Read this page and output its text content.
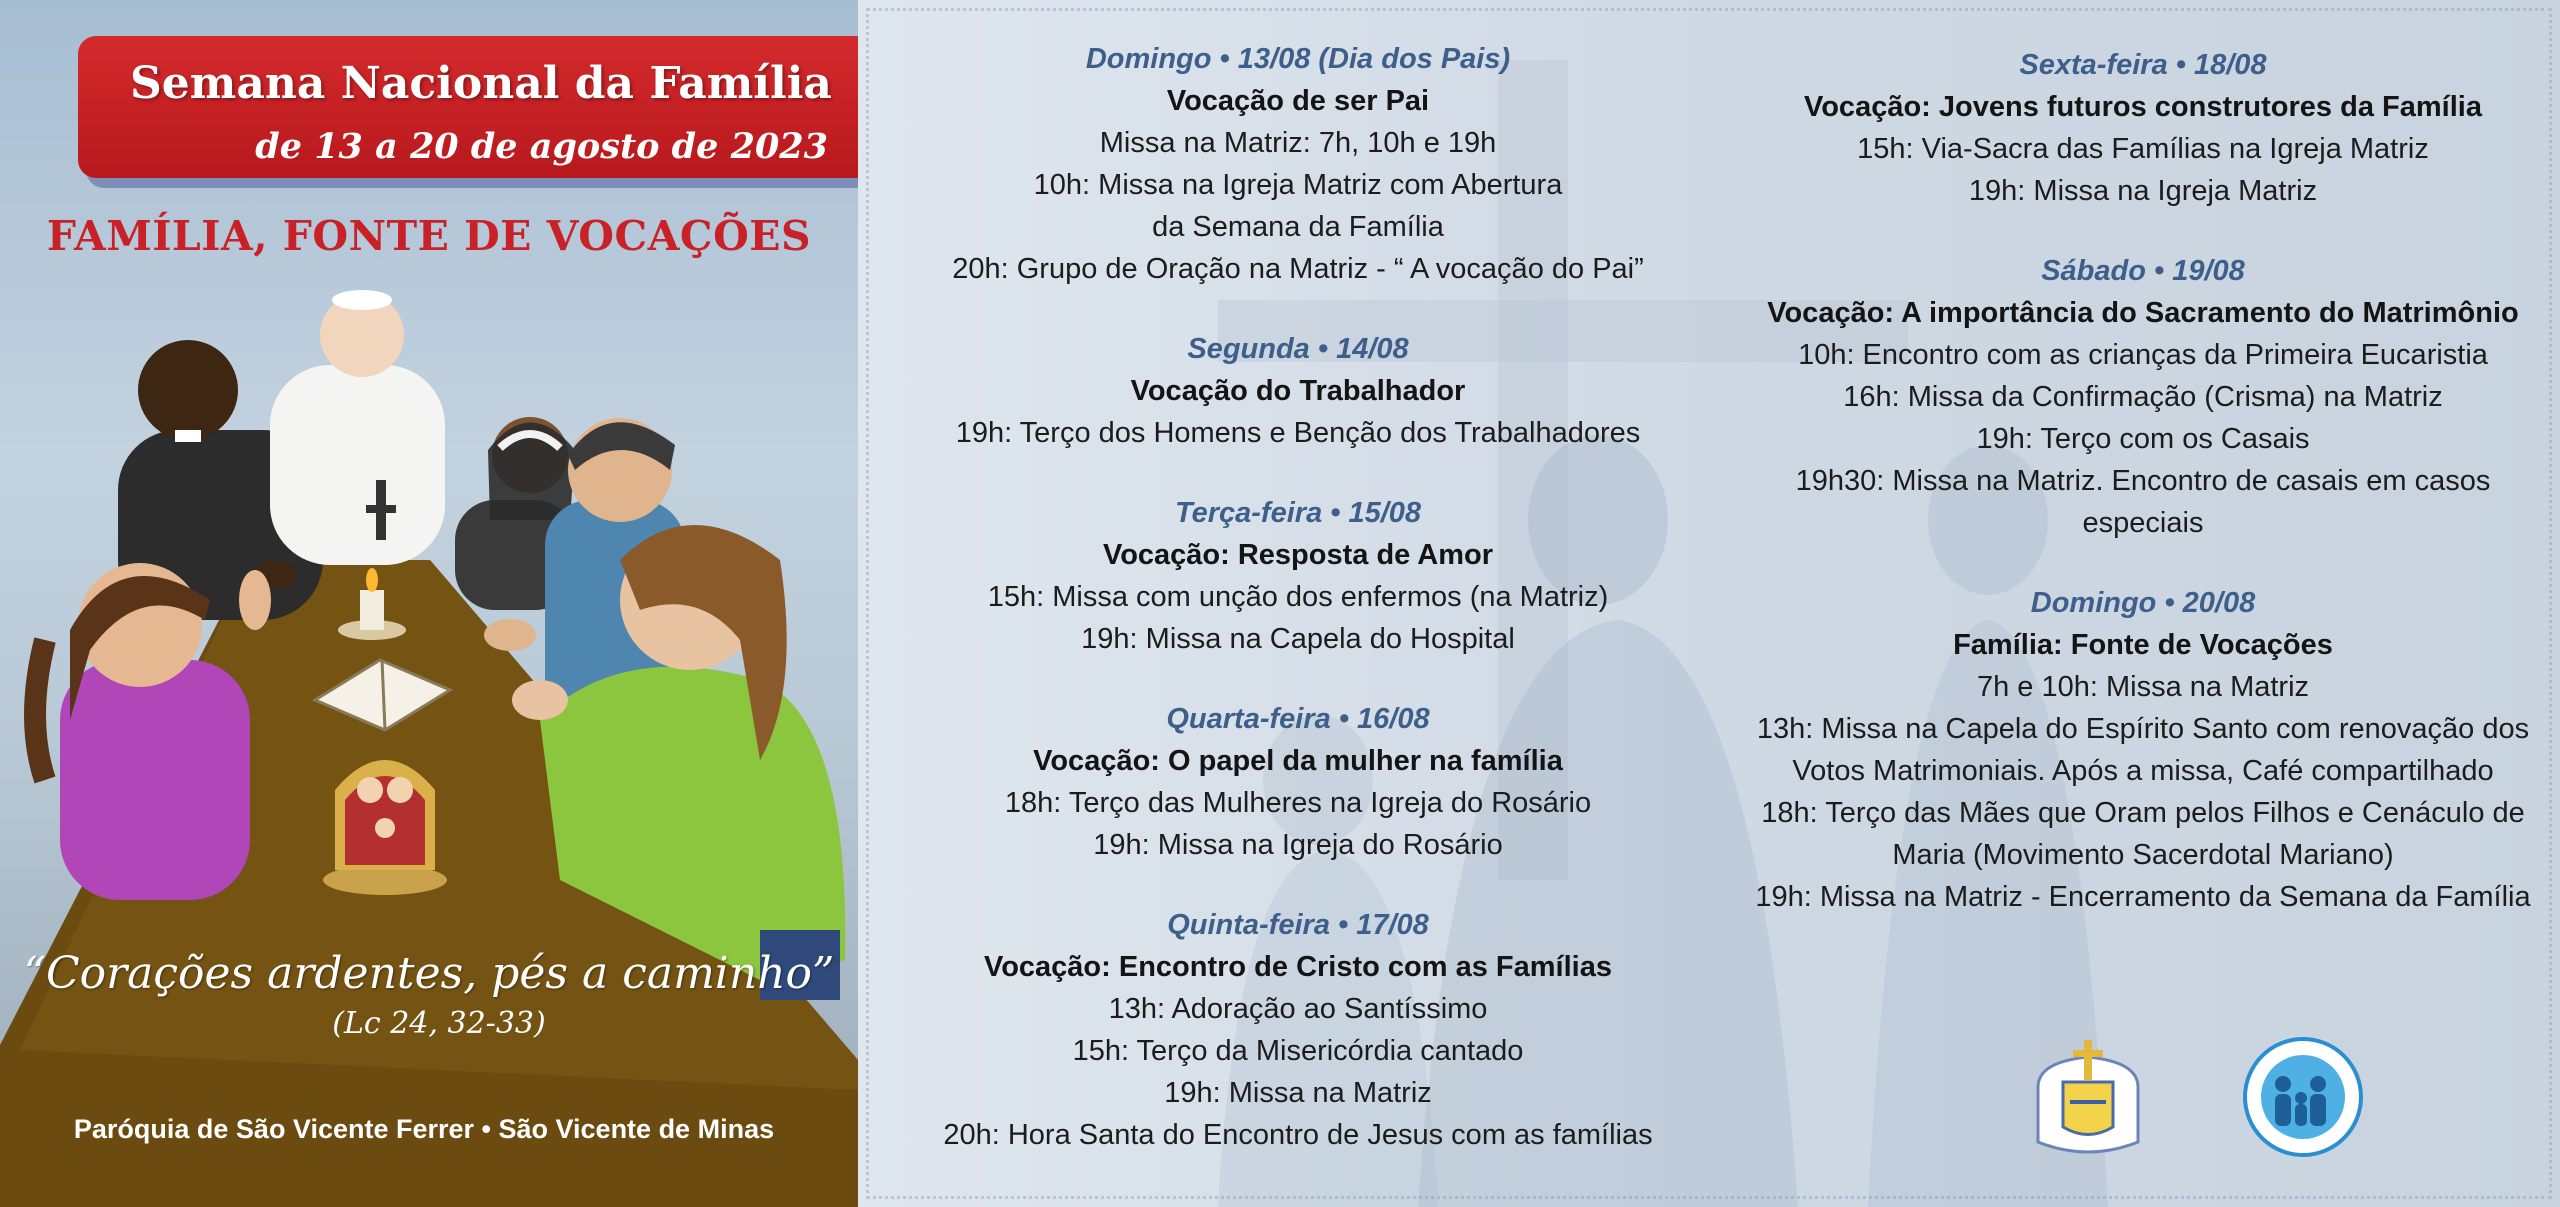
Semana Nacional da Família
de 13 a 20 de agosto de 2023
FAMÍLIA, FONTE DE VOCAÇÕES
“Corações ardentes, pés a caminho”
(Lc 24, 32-33)
Paróquia de São Vicente Ferrer • São Vicente de Minas
Domingo • 13/08 (Dia dos Pais)
Vocação de ser Pai
Missa na Matriz: 7h, 10h e 19h
10h: Missa na Igreja Matriz com Abertura
da Semana da Família
20h: Grupo de Oração na Matriz - “ A vocação do Pai”
Segunda • 14/08
Vocação do Trabalhador
19h: Terço dos Homens e Benção dos Trabalhadores
Terça-feira • 15/08
Vocação: Resposta de Amor
15h: Missa com unção dos enfermos (na Matriz)
19h: Missa na Capela do Hospital
Quarta-feira • 16/08
Vocação: O papel da mulher na família
18h: Terço das Mulheres na Igreja do Rosário
19h: Missa na Igreja do Rosário
Quinta-feira • 17/08
Vocação: Encontro de Cristo com as Famílias
13h: Adoração ao Santíssimo
15h: Terço da Misericórdia cantado
19h: Missa na Matriz
20h: Hora Santa do Encontro de Jesus com as famílias
Sexta-feira • 18/08
Vocação: Jovens futuros construtores da Família
15h: Via-Sacra das Famílias na Igreja Matriz
19h: Missa na Igreja Matriz
Sábado • 19/08
Vocação: A importância do Sacramento do Matrimônio
10h: Encontro com as crianças da Primeira Eucaristia
16h: Missa da Confirmação (Crisma) na Matriz
19h: Terço com os Casais
19h30: Missa na Matriz. Encontro de casais em casos especiais
Domingo • 20/08
Família: Fonte de Vocações
7h e 10h: Missa na Matriz
13h: Missa na Capela do Espírito Santo com renovação dos Votos Matrimoniais. Após a missa, Café compartilhado
18h: Terço das Mães que Oram pelos Filhos e Cenáculo de Maria (Movimento Sacerdotal Mariano)
19h: Missa na Matriz - Encerramento da Semana da Família
